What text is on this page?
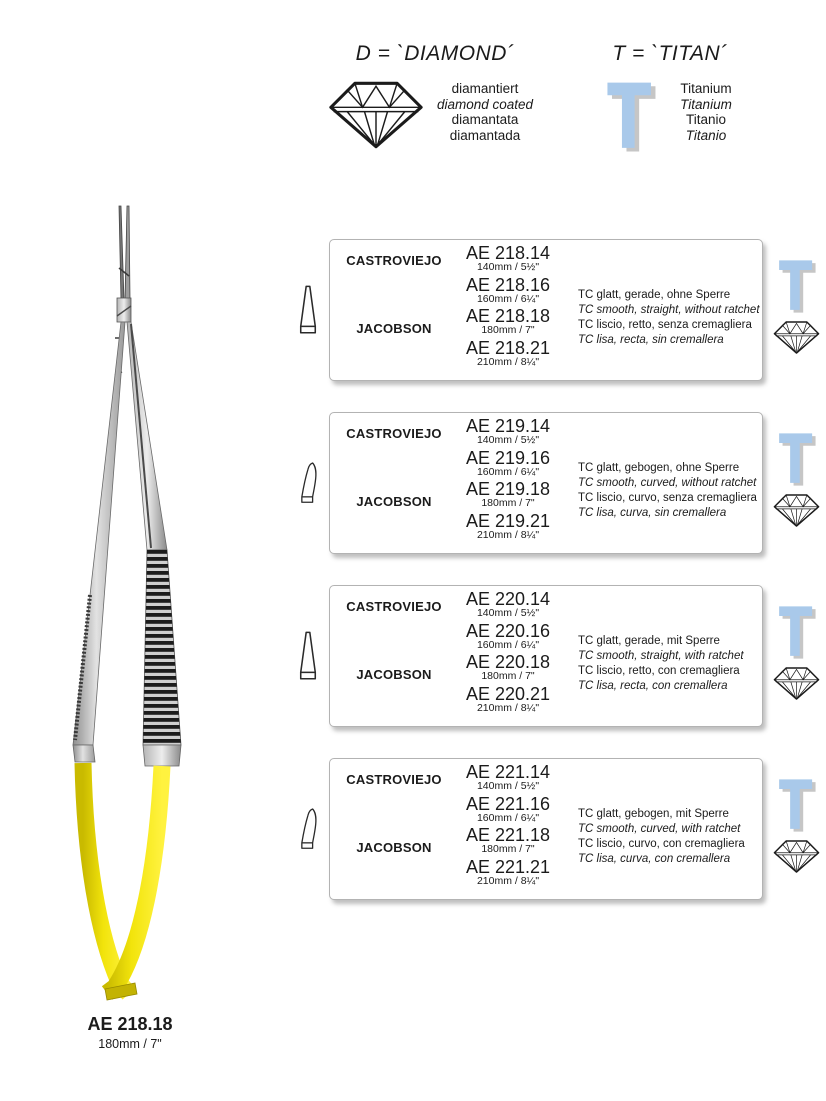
D = `DIAMOND´
diamantiert
diamond coated
diamantata
diamantada
T = `TITAN´
Titanium
Titanium
Titanio
Titanio
AE 218.18
180mm / 7"
CASTROVIEJO
JACOBSON
AE 218.14
140mm / 5½"
AE 218.16
160mm / 6¼"
AE 218.18
180mm / 7"
AE 218.21
210mm / 8¼"
TC glatt, gerade, ohne Sperre
TC smooth, straight, without ratchet
TC liscio, retto, senza cremagliera
TC lisa, recta, sin cremallera
CASTROVIEJO
JACOBSON
AE 219.14
140mm / 5½"
AE 219.16
160mm / 6¼"
AE 219.18
180mm / 7"
AE 219.21
210mm / 8¼"
TC glatt, gebogen, ohne Sperre
TC smooth, curved, without ratchet
TC liscio, curvo, senza cremagliera
TC lisa, curva, sin cremallera
CASTROVIEJO
JACOBSON
AE 220.14
140mm / 5½"
AE 220.16
160mm / 6¼"
AE 220.18
180mm / 7"
AE 220.21
210mm / 8¼"
TC glatt, gerade, mit Sperre
TC smooth, straight, with ratchet
TC liscio, retto, con cremagliera
TC lisa, recta, con cremallera
CASTROVIEJO
JACOBSON
AE 221.14
140mm / 5½"
AE 221.16
160mm / 6¼"
AE 221.18
180mm / 7"
AE 221.21
210mm / 8¼"
TC glatt, gebogen, mit Sperre
TC smooth, curved, with ratchet
TC liscio, curvo, con cremagliera
TC lisa, curva, con cremallera
